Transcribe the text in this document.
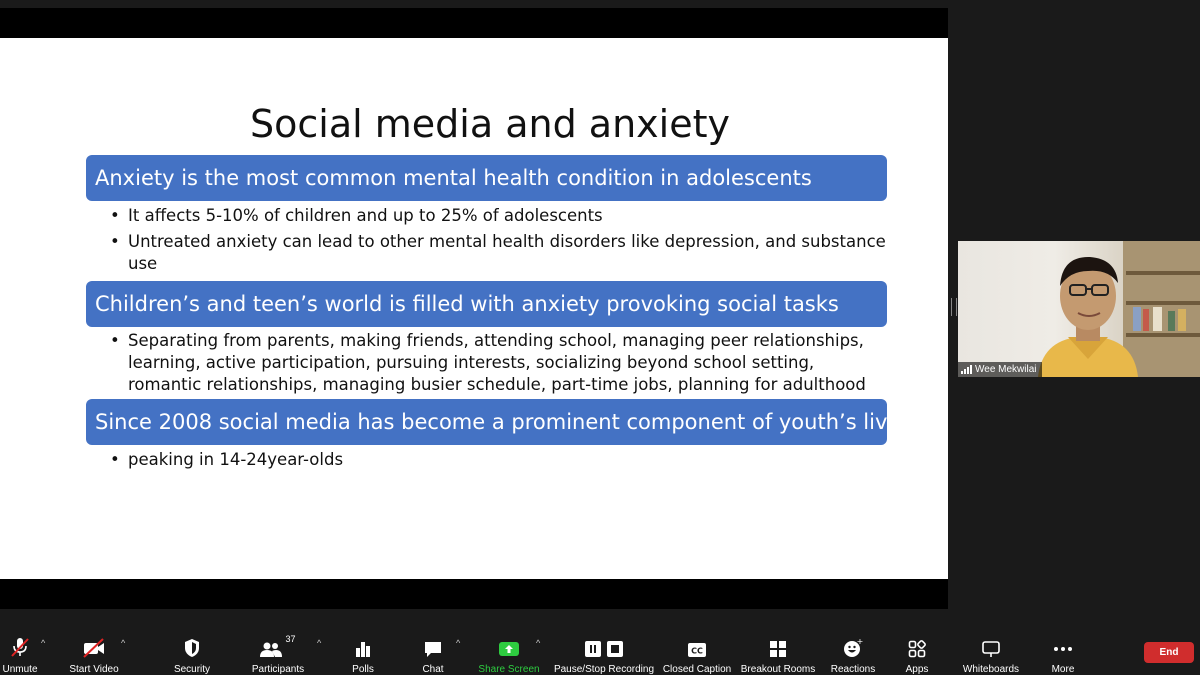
Social media and anxiety
Anxiety is the most common mental health condition in adolescents
• It affects 5-10% of children and up to 25% of adolescents
• Untreated anxiety can lead to other mental health disorders like depression, and substance use
Children’s and teen’s world is filled with anxiety provoking social tasks
• Separating from parents, making friends, attending school, managing peer relationships, learning, active participation, pursuing interests, socializing beyond school setting, romantic relationships, managing busier schedule, part-time jobs, planning for adulthood
Since 2008 social media has become a prominent component of youth’s lives
• peaking in 14-24year-olds
Wee Mekwilai
Unmute
^
Start Video
^
Security
37
Participants
^
Polls	Chat
^
Share Screen
^
Pause/Stop Recording
CC
Closed Caption Breakout Rooms
+
Reactions	Apps	Whiteboards	More
End
